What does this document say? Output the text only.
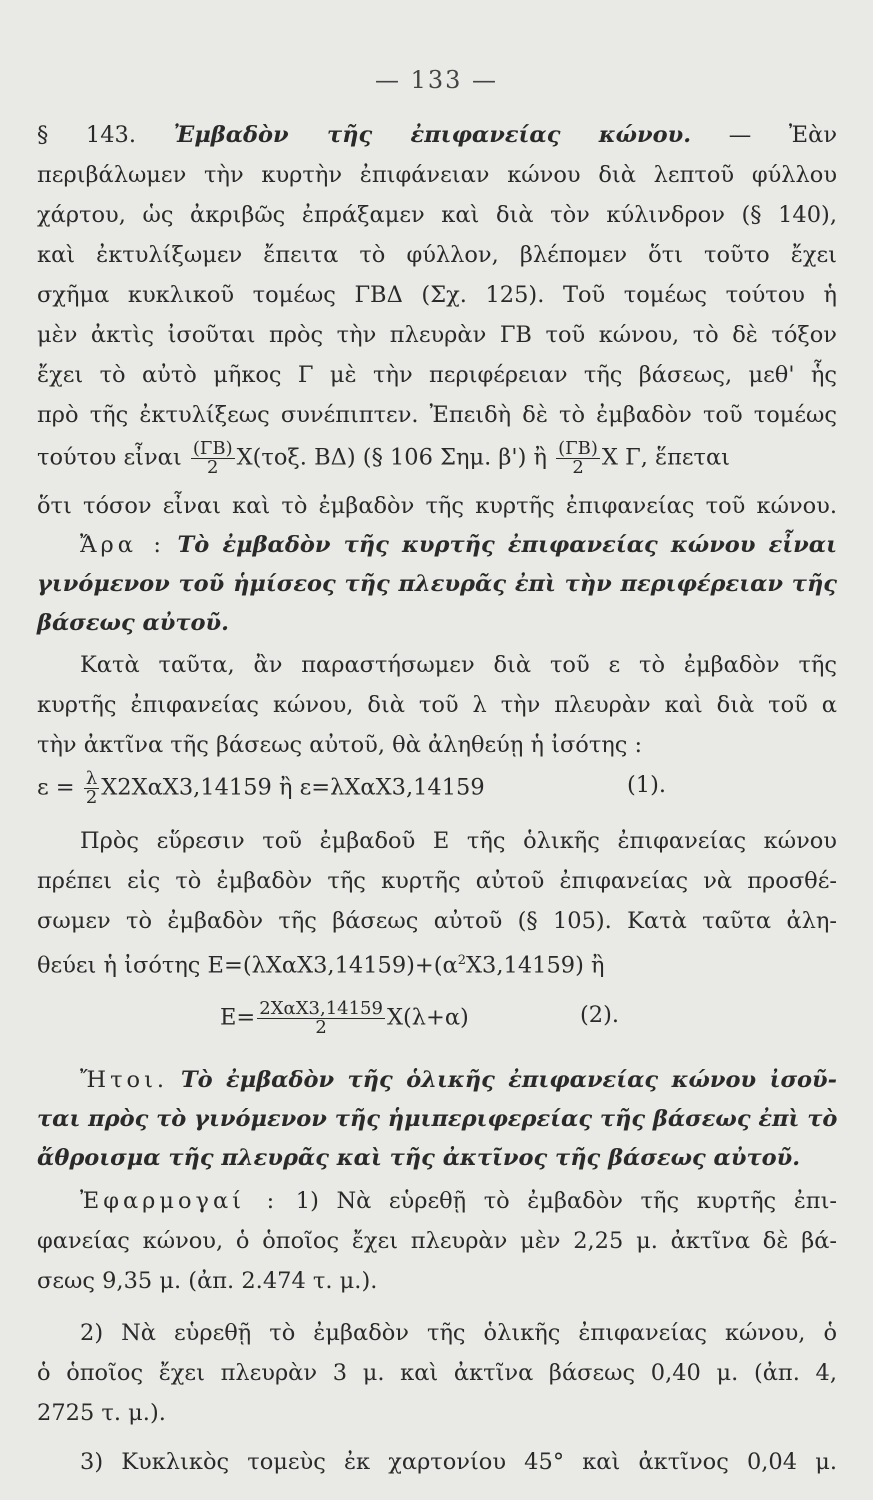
— 133 —
§ 143. Ἐμβαδὸν τῆς ἐπιφανείας κώνου. — Ἐὰν
περιβάλωμεν τὴν κυρτὴν ἐπιφάνειαν κώνου διὰ λεπτοῦ φύλλου
χάρτου, ὡς ἀκριβῶς ἐπράξαμεν καὶ διὰ τὸν κύλινδρον (§ 140),
καὶ ἐκτυλίξωμεν ἔπειτα τὸ φύλλον, βλέπομεν ὅτι τοῦτο ἔχει
σχῆμα κυκλικοῦ τομέως ΓΒΔ (Σχ. 125). Τοῦ τομέως τούτου ἡ
μὲν ἀκτὶς ἰσοῦται πρὸς τὴν πλευρὰν ΓΒ τοῦ κώνου, τὸ δὲ τόξον
ἔχει τὸ αὐτὸ μῆκος Γ μὲ τὴν περιφέρειαν τῆς βάσεως, μεθ' ἧς
πρὸ τῆς ἐκτυλίξεως συνέπιπτεν. Ἐπειδὴ δὲ τὸ ἐμβαδὸν τοῦ τομέως
τούτου εἶναι $\frac{(\Gamma B)}{2} X(\tau o\xi$. ΒΔ) (§ 106 Σημ. β') ἢ $\frac{(\Gamma B)}{2}$ Χ Γ, ἕπεται
ὅτι τόσον εἶναι καὶ τὸ ἐμβαδὸν τῆς κυρτῆς ἐπιφανείας τοῦ κώνου.
Ἄρα : Τὸ ἐμβαδὸν τῆς κυρτῆς ἐπιφανείας κώνου εἶναι
γινόμενον τοῦ ἡμίσεος τῆς πλευρᾶς ἐπὶ τὴν περιφέρειαν τῆς
βάσεως αὐτοῦ.
Κατὰ ταῦτα, ἂν παραστήσωμεν διὰ τοῦ ε τὸ ἐμβαδὸν τῆς
κυρτῆς ἐπιφανείας κώνου, διὰ τοῦ λ τὴν πλευρὰν καὶ διὰ τοῦ α
τὴν ἀκτῖνα τῆς βάσεως αὐτοῦ, θὰ ἀληθεύῃ ἡ ἰσότης :
$\varepsilon = \frac{\lambda}{2} X2X\alpha X3,14159$ ἢ ε=λΧαΧ3,14159	(1).
Πρὸς εὕρεσιν τοῦ ἐμβαδοῦ Ε τῆς ὁλικῆς ἐπιφανείας κώνου
πρέπει εἰς τὸ ἐμβαδὸν τῆς κυρτῆς αὐτοῦ ἐπιφανείας νὰ προσθέ-
σωμεν τὸ ἐμβαδὸν τῆς βάσεως αὐτοῦ (§ 105). Κατὰ ταῦτα ἀλη-
θεύει ἡ ἰσότης $E=(\lambda X\alpha X3,14159)+(\alpha^2X3,14159)$ ἢ
$E= \frac{\text{2ΧαΧ3,14159}}{2} X(\lambda+\alpha)$	(2).
Ἤτοι. Τὸ ἐμβαδὸν τῆς ὁλικῆς ἐπιφανείας κώνου ἰσοῦ-
ται πρὸς τὸ γινόμενον τῆς ἡμιπεριφερείας τῆς βάσεως ἐπὶ τὸ
ἄθροισμα τῆς πλευρᾶς καὶ τῆς ἀκτῖνος τῆς βάσεως αὐτοῦ.
Ἐφαρμογαί : 1) Νὰ εὑρεθῇ τὸ ἐμβαδὸν τῆς κυρτῆς ἐπι-
φανείας κώνου, ὁ ὁποῖος ἔχει πλευρὰν μὲν 2,25 μ. ἀκτῖνα δὲ βά-
σεως 9,35 μ. (ἀπ. 2.474 τ. μ.).
2) Νὰ εὑρεθῇ τὸ ἐμβαδὸν τῆς ὁλικῆς ἐπιφανείας κώνου, ὁ
ὁ ὁποῖος ἔχει πλευρὰν 3 μ. καὶ ἀκτῖνα βάσεως 0,40 μ. (ἀπ. 4,
2725 τ. μ.).
3) Κυκλικὸς τομεὺς ἐκ χαρτονίου 45° καὶ ἀκτῖνος 0,04 μ.
